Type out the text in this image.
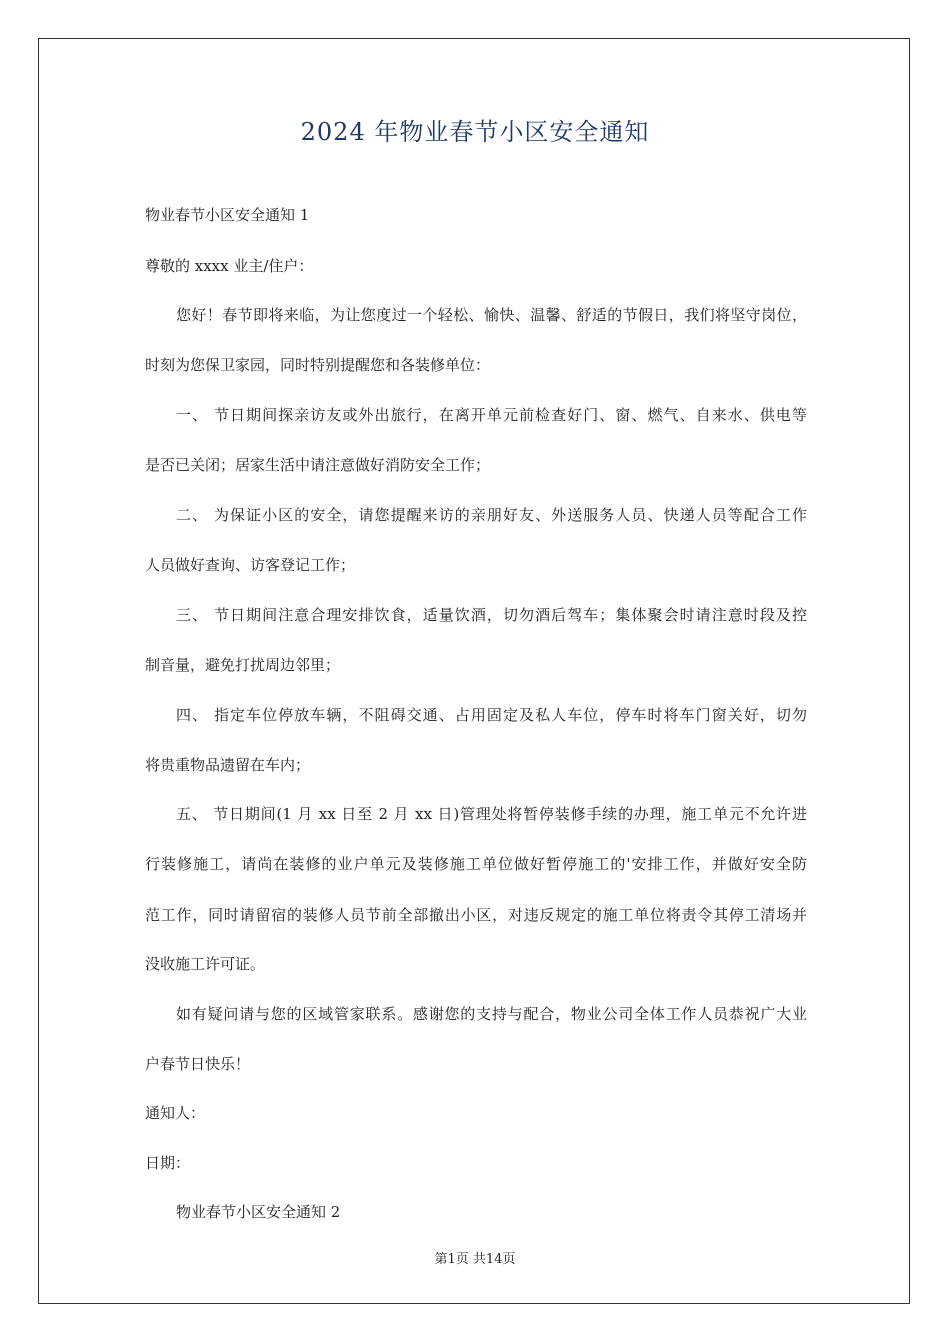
2024 年物业春节小区安全通知
物业春节小区安全通知 1
尊敬的 xxxx 业主/住户：
您好！春节即将来临，为让您度过一个轻松、愉快、温馨、舒适的节假日，我们将坚守岗位，
时刻为您保卫家园，同时特别提醒您和各装修单位：
一、 节日期间探亲访友或外出旅行，在离开单元前检查好门、窗、燃气、自来水、供电等
是否已关闭；居家生活中请注意做好消防安全工作；
二、 为保证小区的安全，请您提醒来访的亲朋好友、外送服务人员、快递人员等配合工作
人员做好查询、访客登记工作；
三、 节日期间注意合理安排饮食，适量饮酒，切勿酒后驾车；集体聚会时请注意时段及控
制音量，避免打扰周边邻里；
四、 指定车位停放车辆，不阻碍交通、占用固定及私人车位，停车时将车门窗关好，切勿
将贵重物品遗留在车内；
五、 节日期间(1 月 xx 日至 2 月 xx 日)管理处将暂停装修手续的办理，施工单元不允许进
行装修施工，请尚在装修的业户单元及装修施工单位做好暂停施工的'安排工作，并做好安全防
范工作，同时请留宿的装修人员节前全部撤出小区，对违反规定的施工单位将责令其停工清场并
没收施工许可证。
如有疑问请与您的区域管家联系。感谢您的支持与配合，物业公司全体工作人员恭祝广大业
户春节日快乐！
通知人：
日期：
物业春节小区安全通知 2
第1页 共14页
